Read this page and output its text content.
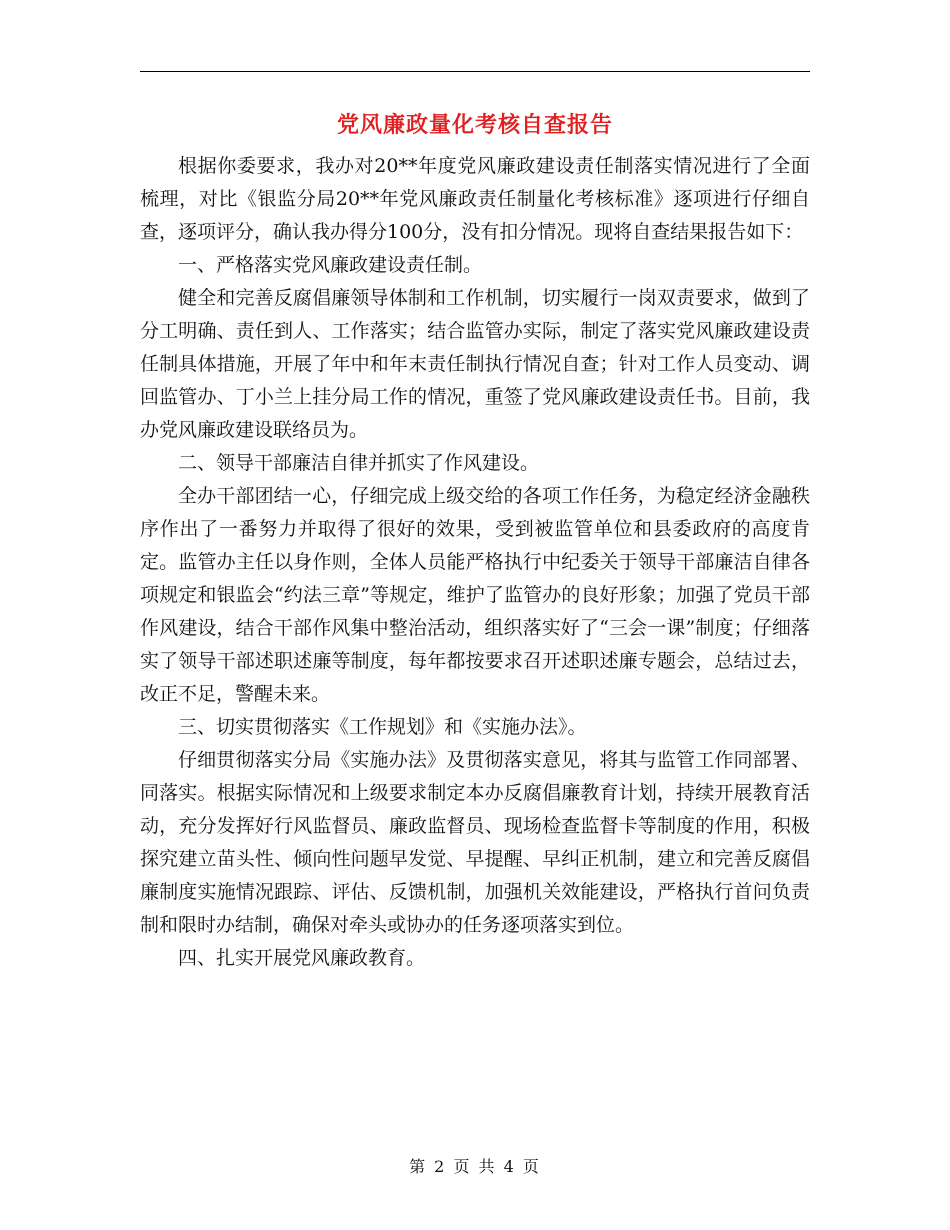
党风廉政量化考核自查报告

根据你委要求，我办对20**年度党风廉政建设责任制落实情况进行了全面梳理，对比《银监分局20**年党风廉政责任制量化考核标准》逐项进行仔细自查，逐项评分，确认我办得分100分，没有扣分情况。现将自查结果报告如下：

一、严格落实党风廉政建设责任制。

健全和完善反腐倡廉领导体制和工作机制，切实履行一岗双责要求，做到了分工明确、责任到人、工作落实；结合监管办实际，制定了落实党风廉政建设责任制具体措施，开展了年中和年末责任制执行情况自查；针对工作人员变动、调回监管办、丁小兰上挂分局工作的情况，重签了党风廉政建设责任书。目前，我办党风廉政建设联络员为。

二、领导干部廉洁自律并抓实了作风建设。

全办干部团结一心，仔细完成上级交给的各项工作任务，为稳定经济金融秩序作出了一番努力并取得了很好的效果，受到被监管单位和县委政府的高度肯定。监管办主任以身作则，全体人员能严格执行中纪委关于领导干部廉洁自律各项规定和银监会“约法三章”等规定，维护了监管办的良好形象；加强了党员干部作风建设，结合干部作风集中整治活动，组织落实好了“三会一课”制度；仔细落实了领导干部述职述廉等制度，每年都按要求召开述职述廉专题会，总结过去，改正不足，警醒未来。

三、切实贯彻落实《工作规划》和《实施办法》。

仔细贯彻落实分局《实施办法》及贯彻落实意见，将其与监管工作同部署、同落实。根据实际情况和上级要求制定本办反腐倡廉教育计划，持续开展教育活动，充分发挥好行风监督员、廉政监督员、现场检查监督卡等制度的作用，积极探究建立苗头性、倾向性问题早发觉、早提醒、早纠正机制，建立和完善反腐倡廉制度实施情况跟踪、评估、反馈机制，加强机关效能建设，严格执行首问负责制和限时办结制，确保对牵头或协办的任务逐项落实到位。

四、扎实开展党风廉政教育。

第 2 页 共 4 页
